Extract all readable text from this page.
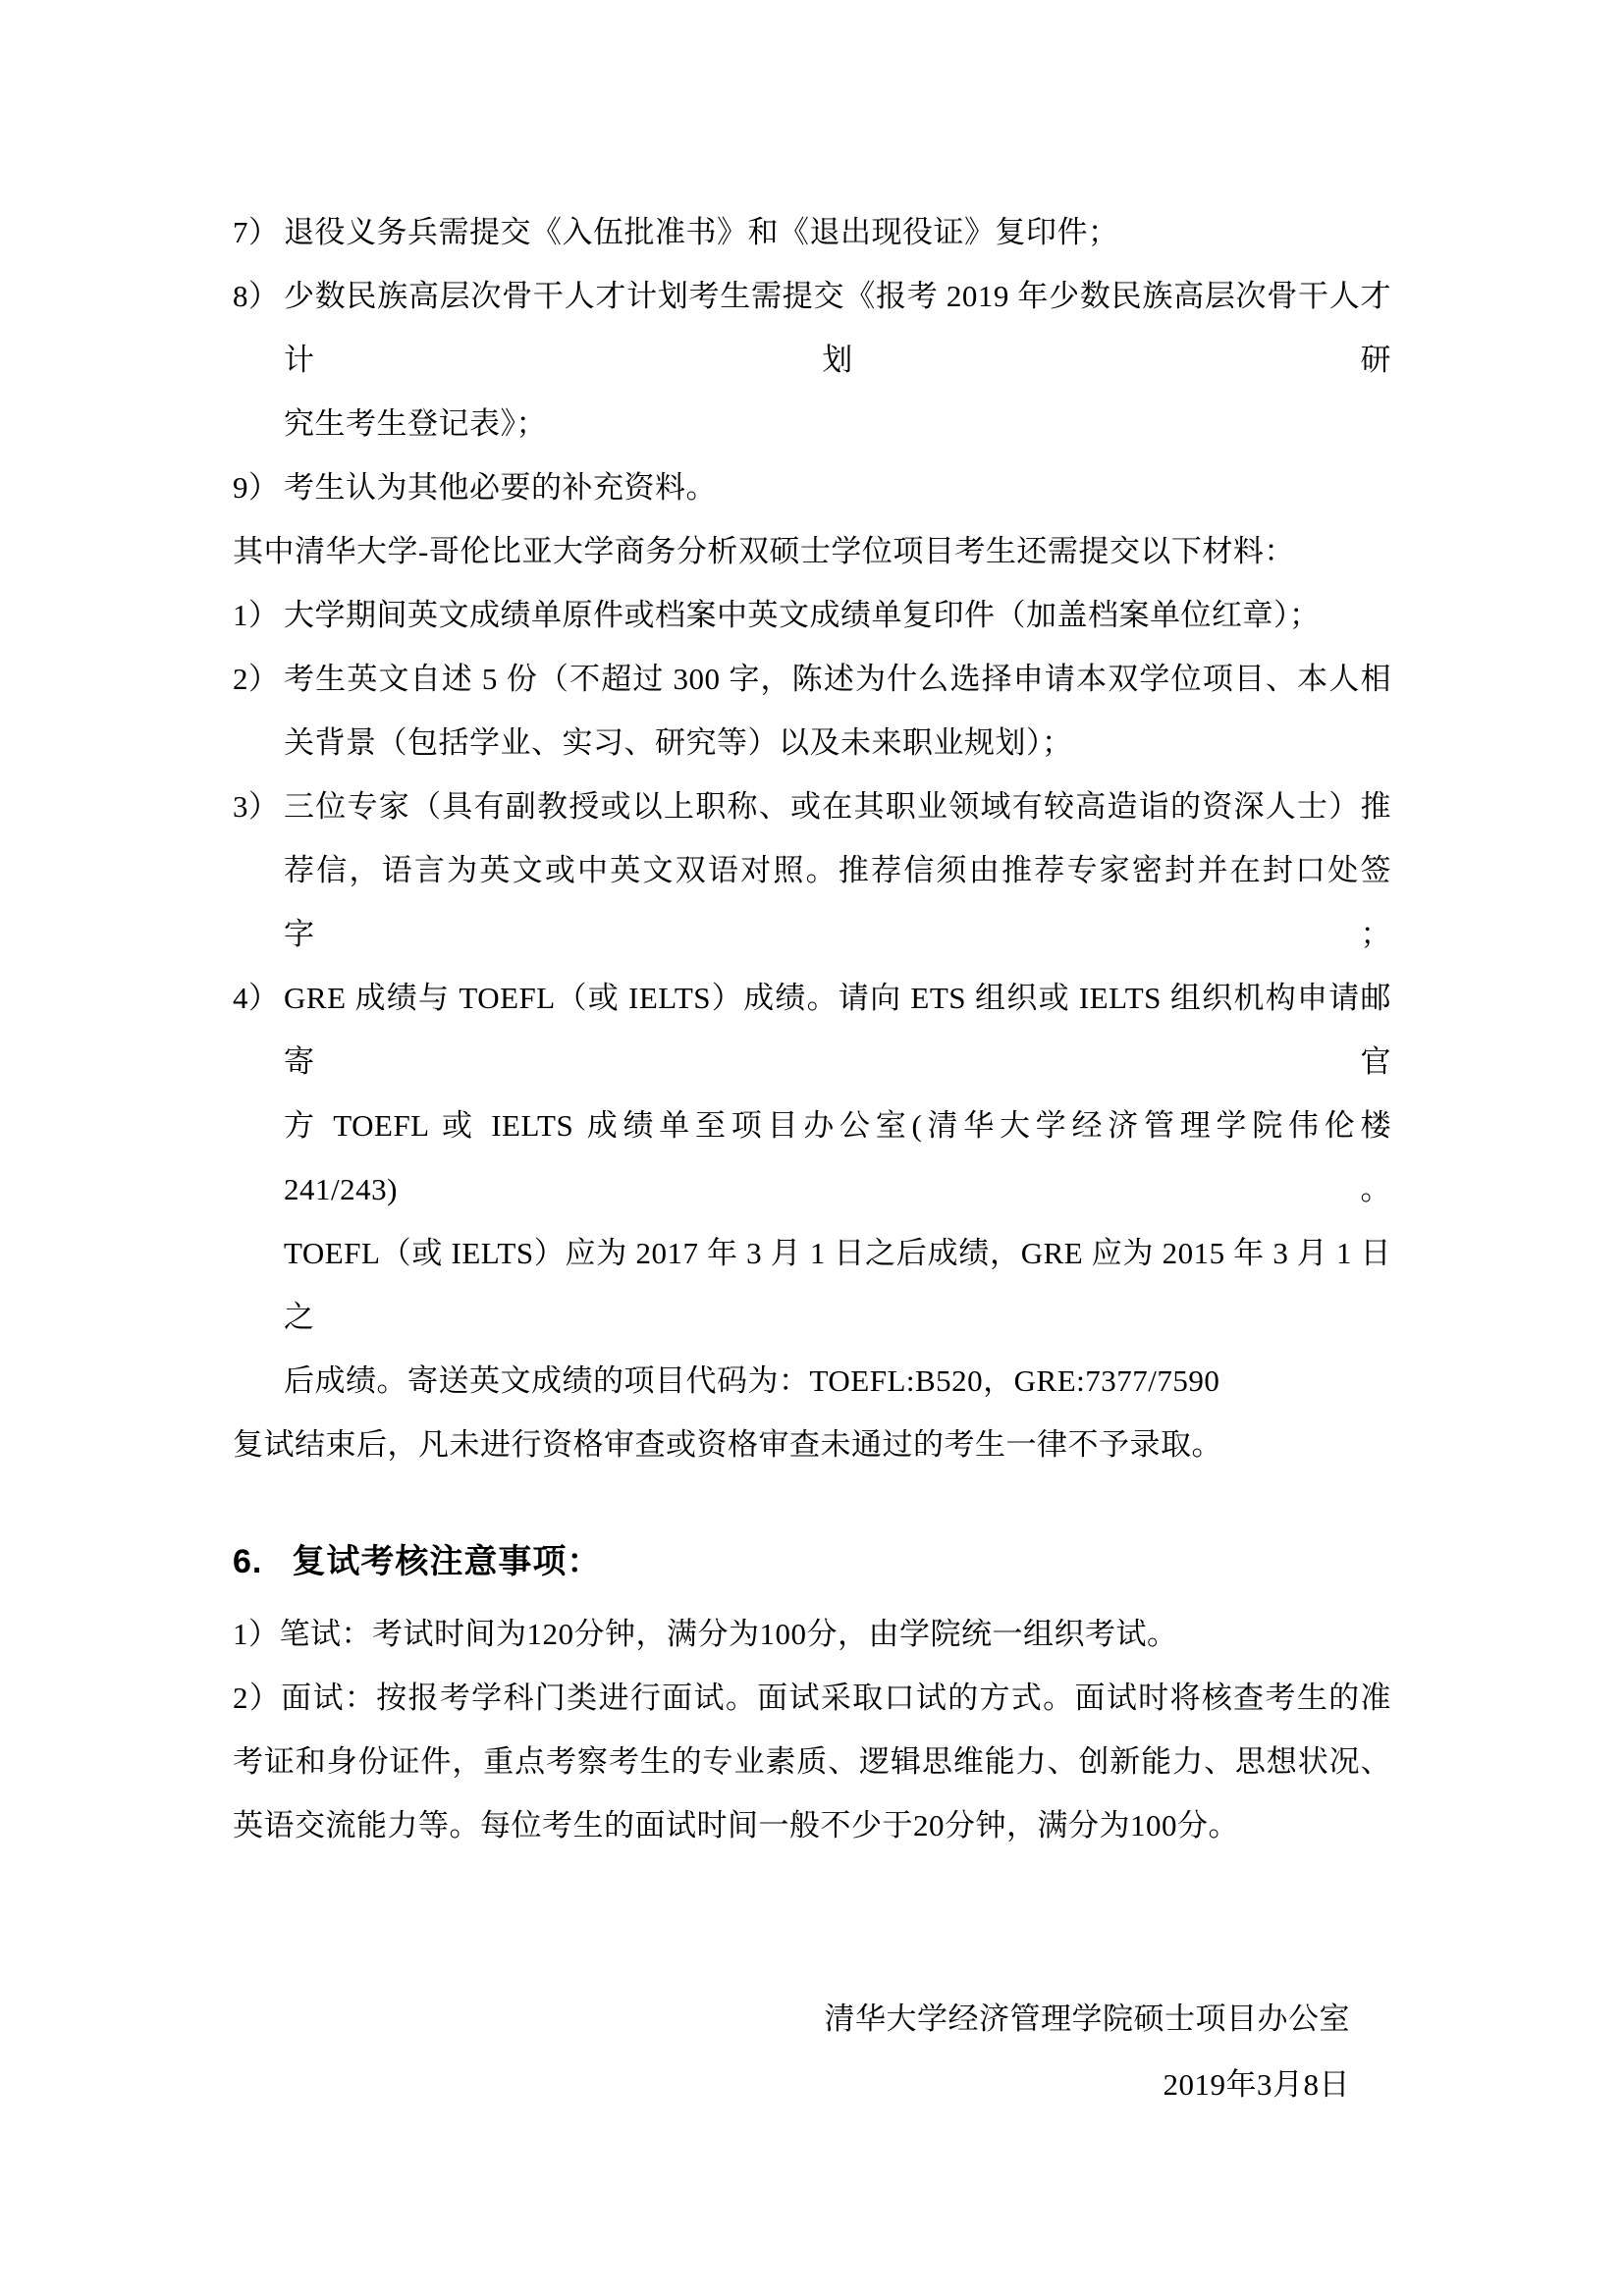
7） 退役义务兵需提交《入伍批准书》和《退出现役证》复印件；
8） 少数民族高层次骨干人才计划考生需提交《报考 2019 年少数民族高层次骨干人才计划研
究生考生登记表》；
9） 考生认为其他必要的补充资料。
其中清华大学-哥伦比亚大学商务分析双硕士学位项目考生还需提交以下材料：
1） 大学期间英文成绩单原件或档案中英文成绩单复印件（加盖档案单位红章）；
2） 考生英文自述 5 份（不超过 300 字，陈述为什么选择申请本双学位项目、本人相
关背景（包括学业、实习、研究等）以及未来职业规划）；
3） 三位专家（具有副教授或以上职称、或在其职业领域有较高造诣的资深人士）推
荐信，语言为英文或中英文双语对照。推荐信须由推荐专家密封并在封口处签字；
4） GRE 成绩与 TOEFL（或 IELTS）成绩。请向 ETS 组织或 IELTS 组织机构申请邮寄官
方 TOEFL 或 IELTS 成绩单至项目办公室(清华大学经济管理学院伟伦楼 241/243)。
TOEFL（或 IELTS）应为 2017 年 3 月 1 日之后成绩，GRE 应为 2015 年 3 月 1 日之
后成绩。寄送英文成绩的项目代码为：TOEFL:B520，GRE:7377/7590
复试结束后，凡未进行资格审查或资格审查未通过的考生一律不予录取。
6. 复试考核注意事项：
1）笔试：考试时间为120分钟，满分为100分，由学院统一组织考试。
2）面试：按报考学科门类进行面试。面试采取口试的方式。面试时将核查考生的准
考证和身份证件，重点考察考生的专业素质、逻辑思维能力、创新能力、思想状况、
英语交流能力等。每位考生的面试时间一般不少于20分钟，满分为100分。
清华大学经济管理学院硕士项目办公室
2019年3月8日
